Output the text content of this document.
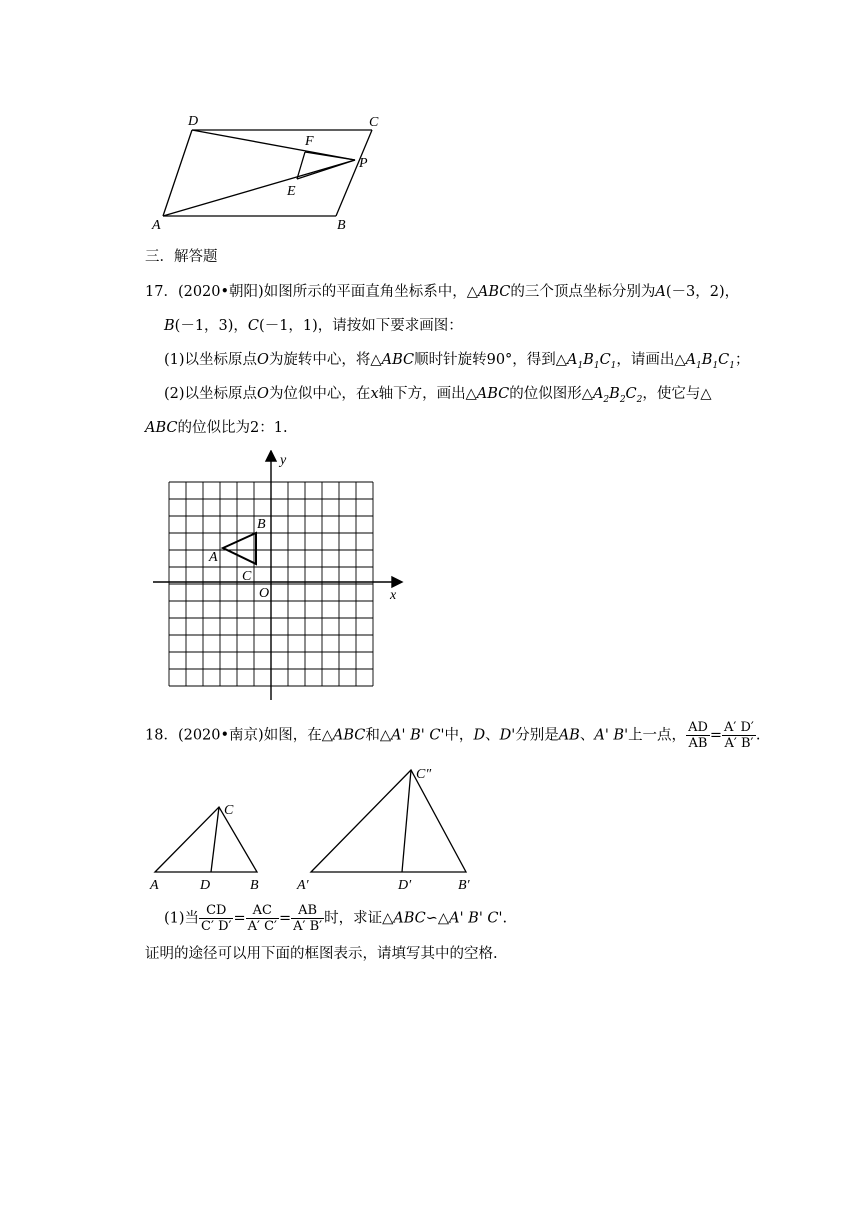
D	C
F
P
E
A	B
三．解答题
17．(2020•朝阳)如图所示的平面直角坐标系中，△ABC的三个顶点坐标分别为A(－3，2)，
B(－1，3)，C(－1，1)，请按如下要求画图：
(1)以坐标原点O为旋转中心，将△ABC顺时针旋转90°，得到$\triangle A_1B_1C_1$，请画出$\triangle A_1B_1C_1$；
(2)以坐标原点O为位似中心，在x轴下方，画出△ABC的位似图形$\triangle A_2B_2C_2$，使它与△
ABC的位似比为2：1.
y
x
O
A
B
C
18．(2020•南京)如图，在△ABC和△A' B' C'中，D、D'分别是AB、A' B'上一点， $\frac{AD}{AB} = \frac{A' D'}{A' B'}$ .
A	D	B
C
A′	D′	B′
C″
(1)当 $\frac{CD}{C' D'} = \frac{AC}{A' C'} = \frac{AB}{A' B'}$ 时，求证△ABC∽△A' B' C'.
证明的途径可以用下面的框图表示，请填写其中的空格.
